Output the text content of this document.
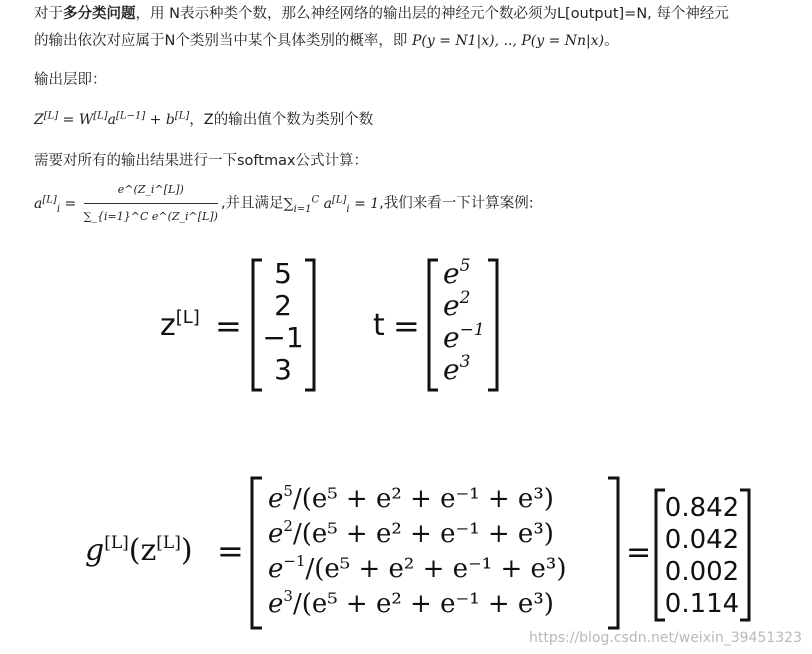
对于多分类问题，用 N表示种类个数，那么神经网络的输出层的神经元个数必须为L[output]=N, 每个神经元
的输出依次对应属于N个类别当中某个具体类别的概率，即 P(y = N1|x), .., P(y = Nn|x)。
输出层即：
Z[L] = W[L]a[L−1] + b[L]，Z的输出值个数为类别个数
需要对所有的输出结果进行一下softmax公式计算：
$a[L]_i = \frac{e\^{}(Z\_i\^{}[L])}{\text{∑\_\{i=1\}\textasciicircum{}C e\textasciicircum{}(Z\_i\textasciicircum{}[L])}}$ ,并且满足$\sum_{i=1}^C$ $a[L]_i = 1$,我们来看一下计算案例:
z[L] =
5
2
−1
3
t =
$e^5$
$e^2$
$e^{-1}$
$e^3$
g[L](z[L]) =
$e^5/(e^5 + e^2 + e^{-1} + e^3)$
$e^2/(e^5 + e^2 + e^{-1} + e^3)$
$e^{-1}/(e^5 + e^2 + e^{-1} + e^3)$
$e^3/(e^5 + e^2 + e^{-1} + e^3)$
=
0.842
0.042
0.002
0.114
https://blog.csdn.net/weixin_39451323
